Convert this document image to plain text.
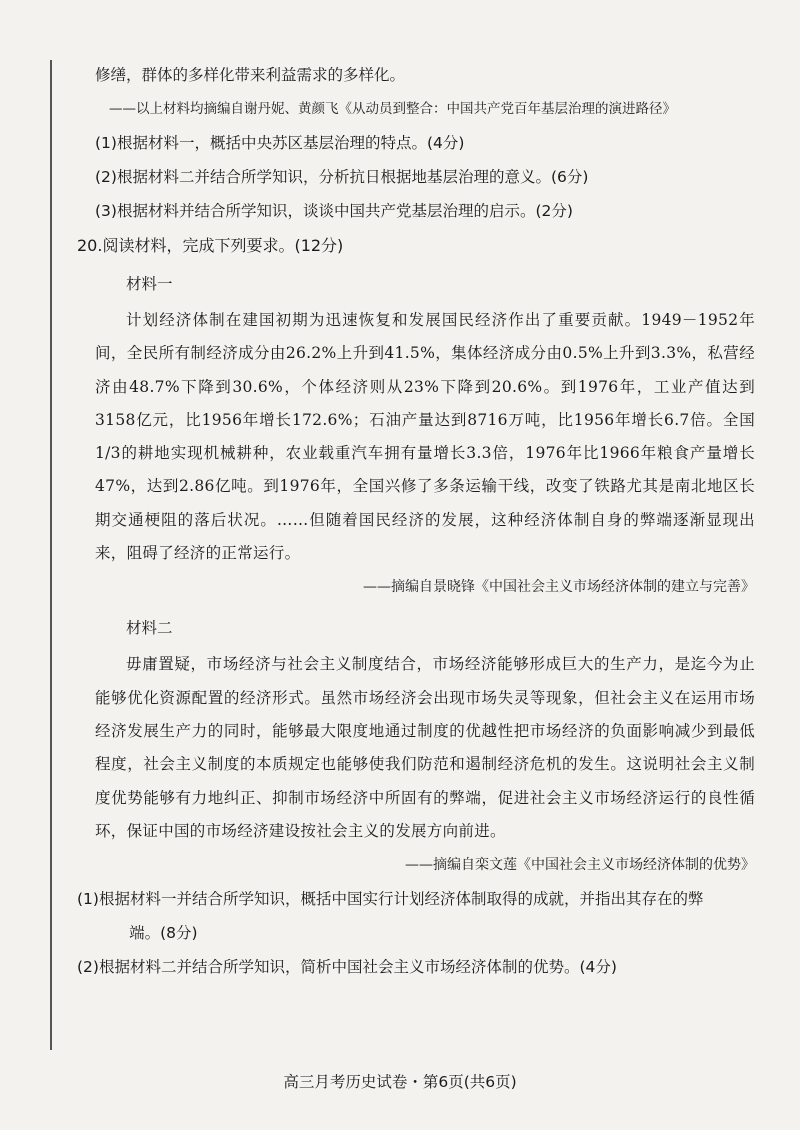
修缮，群体的多样化带来利益需求的多样化。

——以上材料均摘编自谢丹妮、黄颜飞《从动员到整合：中国共产党百年基层治理的演进路径》

(1)根据材料一，概括中央苏区基层治理的特点。(4分)

(2)根据材料二并结合所学知识，分析抗日根据地基层治理的意义。(6分)

(3)根据材料并结合所学知识，谈谈中国共产党基层治理的启示。(2分)

20.阅读材料，完成下列要求。(12分)

材料一

计划经济体制在建国初期为迅速恢复和发展国民经济作出了重要贡献。1949－1952年间，全民所有制经济成分由26.2%上升到41.5%，集体经济成分由0.5%上升到3.3%，私营经济由48.7%下降到30.6%，个体经济则从23%下降到20.6%。到1976年，工业产值达到3158亿元，比1956年增长172.6%；石油产量达到8716万吨，比1956年增长6.7倍。全国1/3的耕地实现机械耕种，农业载重汽车拥有量增长3.3倍，1976年比1966年粮食产量增长47%，达到2.86亿吨。到1976年，全国兴修了多条运输干线，改变了铁路尤其是南北地区长期交通梗阻的落后状况。……但随着国民经济的发展，这种经济体制自身的弊端逐渐显现出来，阻碍了经济的正常运行。

——摘编自景晓锋《中国社会主义市场经济体制的建立与完善》

材料二

毋庸置疑，市场经济与社会主义制度结合，市场经济能够形成巨大的生产力，是迄今为止能够优化资源配置的经济形式。虽然市场经济会出现市场失灵等现象，但社会主义在运用市场经济发展生产力的同时，能够最大限度地通过制度的优越性把市场经济的负面影响减少到最低程度，社会主义制度的本质规定也能够使我们防范和遏制经济危机的发生。这说明社会主义制度优势能够有力地纠正、抑制市场经济中所固有的弊端，促进社会主义市场经济运行的良性循环，保证中国的市场经济建设按社会主义的发展方向前进。

——摘编自栾文莲《中国社会主义市场经济体制的优势》

(1)根据材料一并结合所学知识，概括中国实行计划经济体制取得的成就，并指出其存在的弊

端。(8分)

(2)根据材料二并结合所学知识，简析中国社会主义市场经济体制的优势。(4分)

高三月考历史试卷・第6页(共6页)
